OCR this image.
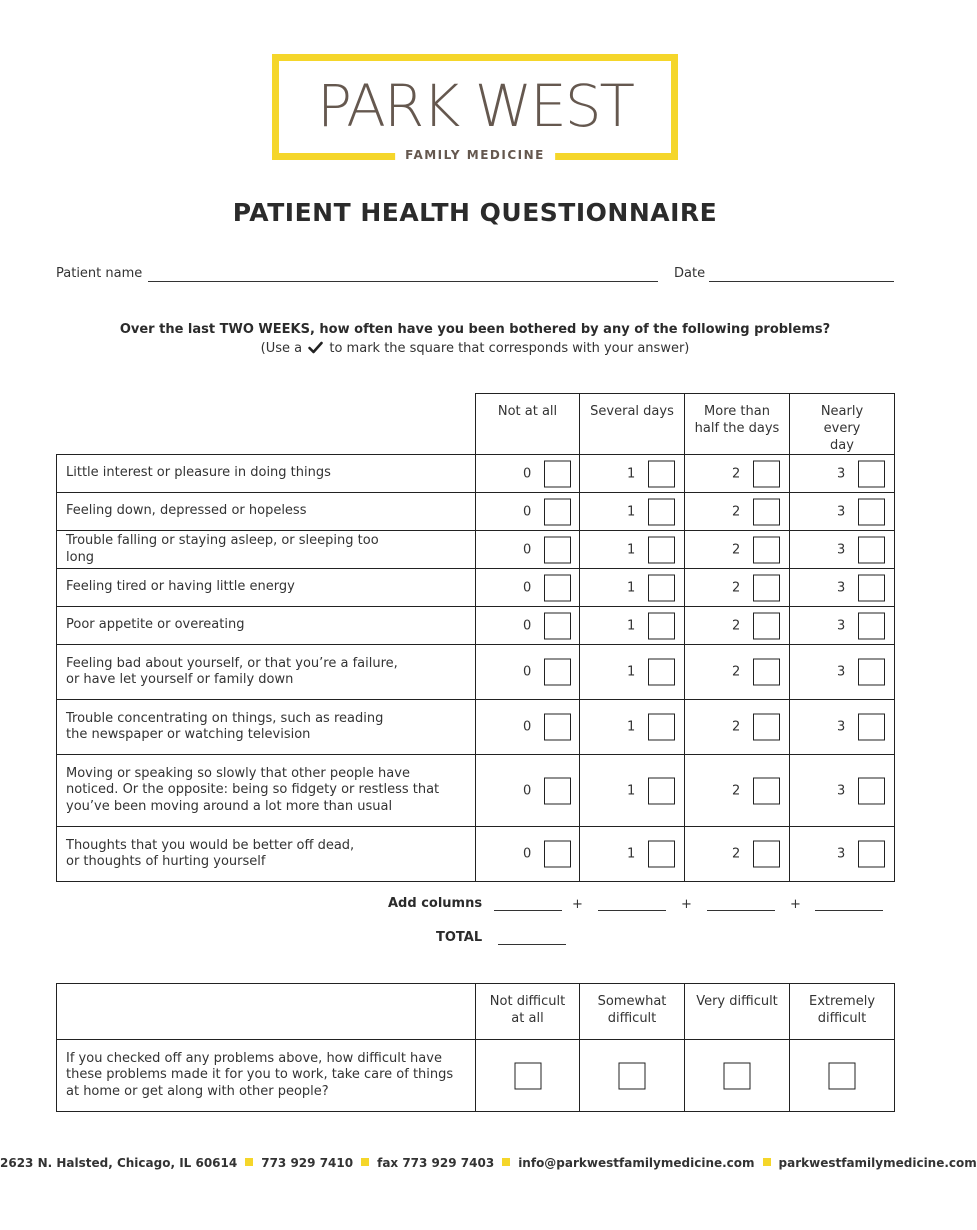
PARK WEST
FAMILY MEDICINE
PATIENT HEALTH QUESTIONNAIRE
Patient name	Date
Over the last TWO WEEKS, how often have you been bothered by any of the following problems?
(Use a to mark the square that corresponds with your answer)
	Not at all	Several days	More than half the days	Nearly every day

Little interest or pleasure in doing things	0	1	2	3

Feeling down, depressed or hopeless	0	1	2	3

Trouble falling or staying asleep, or sleeping too long	0	1	2	3

Feeling tired or having little energy	0	1	2	3

Poor appetite or overeating	0	1	2	3

Feeling bad about yourself, or that you’re a failure, or have let yourself or family down	0	1	2	3

Trouble concentrating on things, such as reading the newspaper or watching television	0	1	2	3

Moving or speaking so slowly that other people have noticed. Or the opposite: being so fidgety or restless that you’ve been moving around a lot more than usual	0	1	2	3

Thoughts that you would be better off dead, or thoughts of hurting yourself	0	1	2	3
Add columns	+	+	+
TOTAL
	Not difficult at all	Somewhat difficult	Very difficult	Extremely difficult
If you checked off any problems above, how difficult have these problems made it for you to work, take care of things at home or get along with other people?	

2623 N. Halsted, Chicago, IL 60614 773 929 7410 fax 773 929 7403 info@parkwestfamilymedicine.com parkwestfamilymedicine.com
